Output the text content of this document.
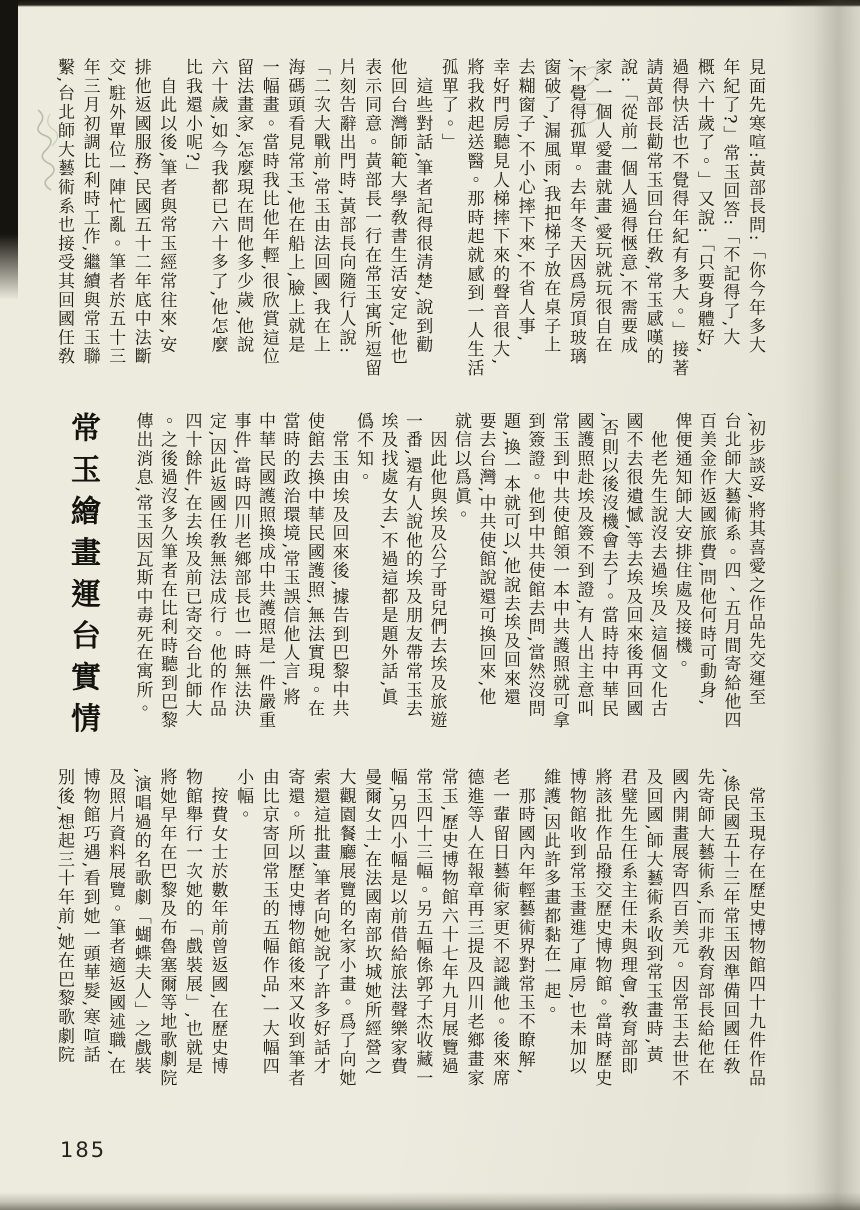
見面先寒喧:黃部長問:「你今年多大
年紀了?」常玉回答:「不記得了,大
概六十歲了。」又說:「只要身體好,
過得快活也不覺得年紀有多大。」接著
請黃部長勸常玉回台任敎,常玉感嘆的
說:「從前一個人過得愜意,不需要成
家,一個人愛畫就畫,愛玩就玩很自在
,不覺得孤單。去年冬天因爲房頂玻璃
窗破了,漏風雨,我把梯子放在桌子上
去糊窗子,不小心摔下來,不省人事,
幸好門房聽見人梯摔下來的聲音很大,
將我救起送醫。那時起就感到一人生活
孤單了。」
　這些對話,筆者記得很清楚,說到勸
他回台灣師範大學敎書生活安定,他也
表示同意。黃部長一行在常玉寓所逗留
片刻告辭出門時,黃部長向隨行人說:
「二次大戰前,常玉由法回國,我在上
海碼頭看見常玉,他在船上,臉上就是
一幅畫。當時我比他年輕,很欣賞這位
留法畫家,怎麼現在問他多少歲,他說
六十歲,如今我都已六十多了,他怎麼
比我還小呢?」
　自此以後,筆者與常玉經常往來,安
排他返國服務,民國五十二年底中法斷
交,駐外單位一陣忙亂。筆者於五十三
年三月初調比利時工作,繼續與常玉聯
繫,台北師大藝術系也接受其回國任敎
,初步談妥,將其喜愛之作品先交運至
台北師大藝術系。四、五月間寄給他四
百美金作返國旅費,問他何時可動身,
俾便通知師大安排住處及接機。
　他老先生說沒去過埃及,這個文化古
國不去很遺憾,等去埃及回來後再回國
,否則以後沒機會去了。當時持中華民
國護照赴埃及簽不到證,有人出主意叫
常玉到中共使館領一本中共護照就可拿
到簽證。他到中共使館去問,當然沒問
題,換一本就可以,他說去埃及回來還
要去台灣,中共使館說還可換回來,他
就信以爲眞。
　因此他與埃及公子哥兒們去埃及旅遊
一番,還有人說他的埃及朋友帶常玉去
埃及找處女去,不過這都是題外話,眞
僞不知。
　常玉由埃及回來後,據告到巴黎中共
使館去換中華民國護照,無法實現。在
當時的政治環境,常玉誤信他人言,將
中華民國護照換成中共護照是一件嚴重
事件,當時四川老鄉部長也一時無法決
定,因此返國任敎無法成行。他的作品
四十餘件,在去埃及前已寄交台北師大
。之後過沒多久筆者在比利時聽到巴黎
傳出消息,常玉因瓦斯中毒死在寓所。
常玉繪畫運台實情
　常玉現存在歷史博物館四十九件作品
,係民國五十三年常玉因準備回國任敎
先寄師大藝術系,而非敎育部長給他在
國內開畫展寄四百美元。因常玉去世不
及回國,師大藝術系收到常玉畫時,黃
君璧先生任系主任未與理會,敎育部即
將該批作品撥交歷史博物館。當時歷史
博物館收到常玉畫進了庫房,也未加以
維護,因此許多畫都黏在一起。
　那時國內年輕藝術界對常玉不瞭解,
老一輩留日藝術家更不認識他。後來席
德進等人在報章再三提及四川老鄉畫家
常玉,歷史博物館六十七年九月展覽過
常玉四十三幅。另五幅係郭子杰收藏一
幅,另四小幅是以前借給旅法聲樂家費
曼爾女士,在法國南部坎城她所經營之
大觀園餐廳展覽的名家小畫。爲了向她
索還這批畫,筆者向她說了許多好話才
寄還。所以歷史博物館後來又收到筆者
由比京寄回常玉的五幅作品,一大幅四
小幅。
　按費女士於數年前曾返國,在歷史博
物館舉行一次她的「戲裝展」,也就是
將她早年在巴黎及布魯塞爾等地歌劇院
,演唱過的名歌劇「蝴蝶夫人」之戲裝
及照片資料展覽。筆者適返國述職,在
博物館巧遇,看到她一頭華髮,寒喧話
別後,想起三十年前,她在巴黎歌劇院
185
